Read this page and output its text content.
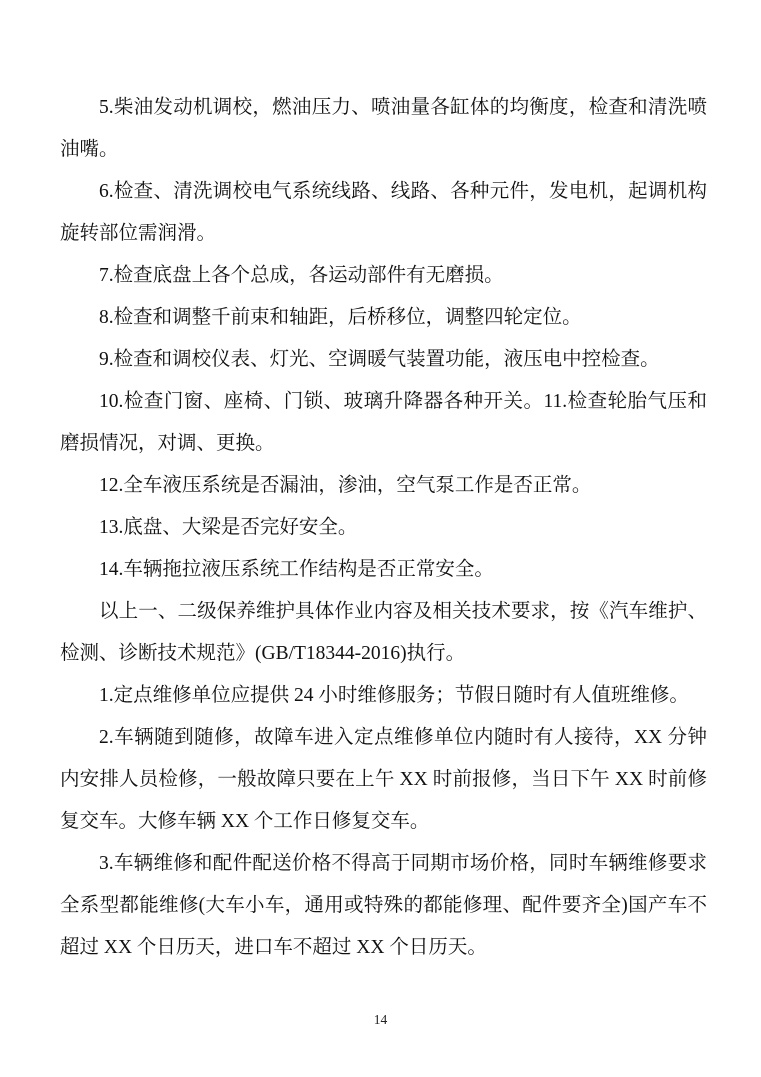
5.柴油发动机调校，燃油压力、喷油量各缸体的均衡度，检查和清洗喷油嘴。

6.检查、清洗调校电气系统线路、线路、各种元件，发电机，起调机构旋转部位需润滑。

7.检查底盘上各个总成，各运动部件有无磨损。

8.检查和调整千前束和轴距，后桥移位，调整四轮定位。

9.检查和调校仪表、灯光、空调暖气装置功能，液压电中控检查。

10.检查门窗、座椅、门锁、玻璃升降器各种开关。11.检查轮胎气压和磨损情况，对调、更换。

12.全车液压系统是否漏油，渗油，空气泵工作是否正常。

13.底盘、大梁是否完好安全。

14.车辆拖拉液压系统工作结构是否正常安全。

以上一、二级保养维护具体作业内容及相关技术要求，按《汽车维护、检测、诊断技术规范》(GB/T18344-2016)执行。

1.定点维修单位应提供 24 小时维修服务；节假日随时有人值班维修。

2.车辆随到随修，故障车进入定点维修单位内随时有人接待，XX 分钟内安排人员检修，一般故障只要在上午 XX 时前报修，当日下午 XX 时前修复交车。大修车辆 XX 个工作日修复交车。

3.车辆维修和配件配送价格不得高于同期市场价格，同时车辆维修要求全系型都能维修(大车小车，通用或特殊的都能修理、配件要齐全)国产车不超过 XX 个日历天，进口车不超过 XX 个日历天。

14
